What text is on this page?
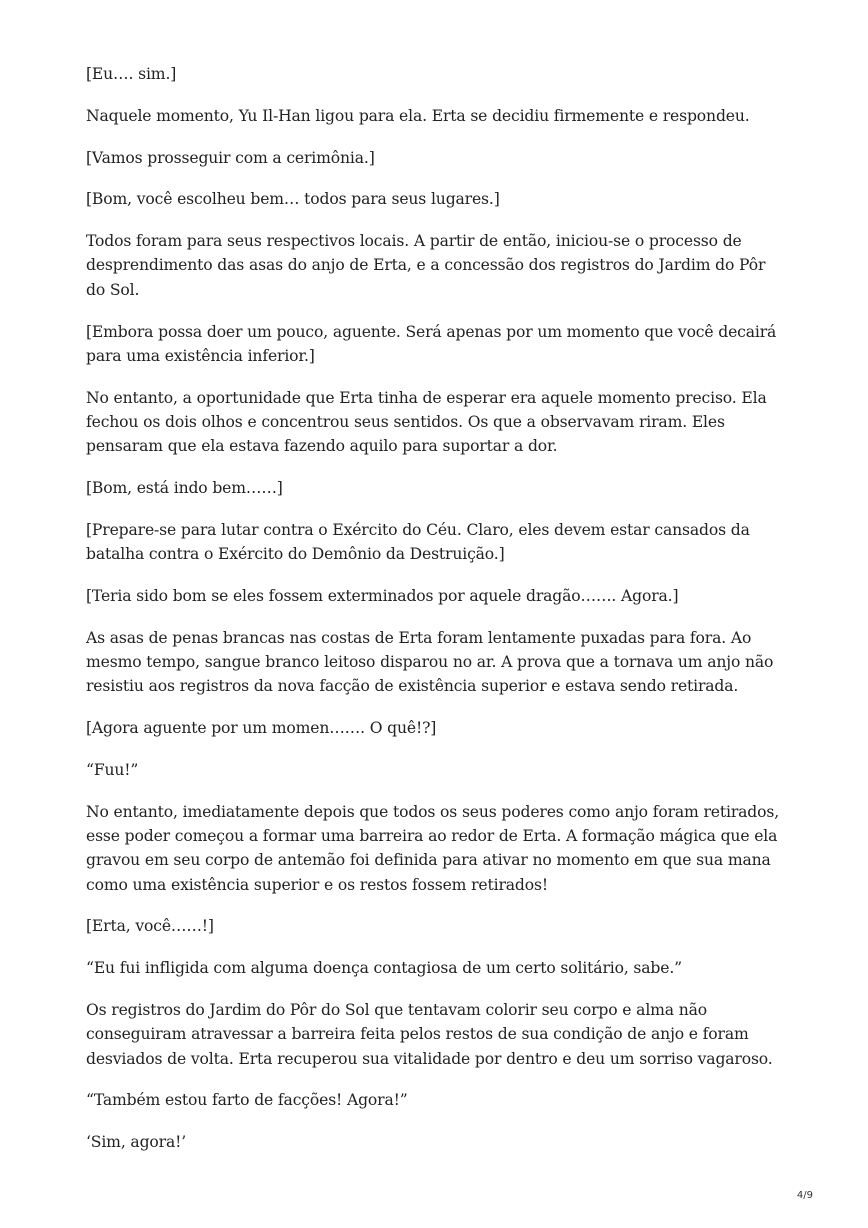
[Eu…. sim.]

Naquele momento, Yu Il-Han ligou para ela. Erta se decidiu firmemente e respondeu.

[Vamos prosseguir com a cerimônia.]

[Bom, você escolheu bem… todos para seus lugares.]

Todos foram para seus respectivos locais. A partir de então, iniciou-se o processo de desprendimento das asas do anjo de Erta, e a concessão dos registros do Jardim do Pôr do Sol.

[Embora possa doer um pouco, aguente. Será apenas por um momento que você decairá para uma existência inferior.]

No entanto, a oportunidade que Erta tinha de esperar era aquele momento preciso. Ela fechou os dois olhos e concentrou seus sentidos. Os que a observavam riram. Eles pensaram que ela estava fazendo aquilo para suportar a dor.

[Bom, está indo bem……]

[Prepare-se para lutar contra o Exército do Céu. Claro, eles devem estar cansados da batalha contra o Exército do Demônio da Destruição.]

[Teria sido bom se eles fossem exterminados por aquele dragão……. Agora.]

As asas de penas brancas nas costas de Erta foram lentamente puxadas para fora. Ao mesmo tempo, sangue branco leitoso disparou no ar. A prova que a tornava um anjo não resistiu aos registros da nova facção de existência superior e estava sendo retirada.

[Agora aguente por um momen……. O quê!?]

“Fuu!”

No entanto, imediatamente depois que todos os seus poderes como anjo foram retirados, esse poder começou a formar uma barreira ao redor de Erta. A formação mágica que ela gravou em seu corpo de antemão foi definida para ativar no momento em que sua mana como uma existência superior e os restos fossem retirados!

[Erta, você……!]

“Eu fui infligida com alguma doença contagiosa de um certo solitário, sabe.”

Os registros do Jardim do Pôr do Sol que tentavam colorir seu corpo e alma não conseguiram atravessar a barreira feita pelos restos de sua condição de anjo e foram desviados de volta. Erta recuperou sua vitalidade por dentro e deu um sorriso vagaroso.

“Também estou farto de facções! Agora!”

‘Sim, agora!’

4/9
